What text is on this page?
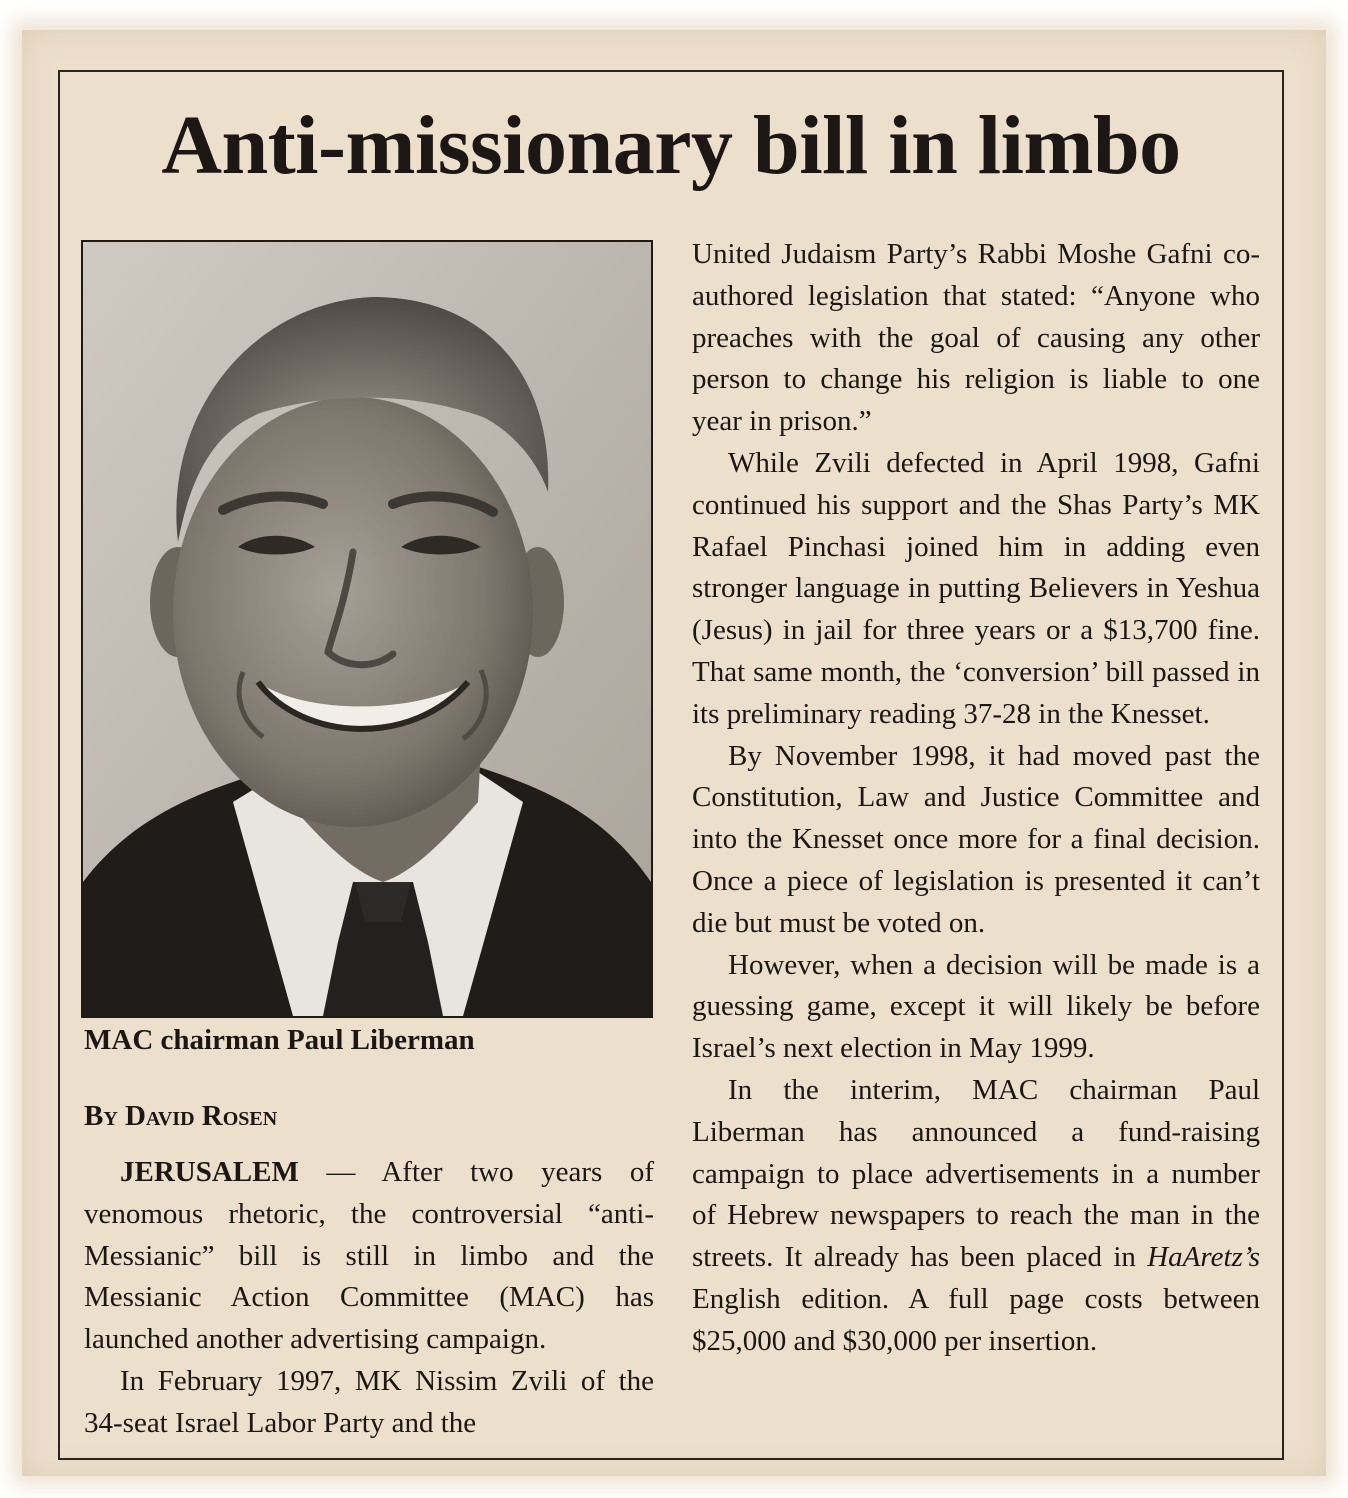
Anti-missionary bill in limbo

MAC chairman Paul Liberman

By David Rosen

JERUSALEM — After two years of venomous rhetoric, the controversial “anti-Messianic” bill is still in limbo and the Messianic Action Committee (MAC) has launched another advertising campaign.

In February 1997, MK Nissim Zvili of the 34-seat Israel Labor Party and the

United Judaism Party’s Rabbi Moshe Gafni co-authored legislation that stated: “Anyone who preaches with the goal of causing any other person to change his religion is liable to one year in prison.”

While Zvili defected in April 1998, Gafni continued his support and the Shas Party’s MK Rafael Pinchasi joined him in adding even stronger language in putting Believers in Yeshua (Jesus) in jail for three years or a $13,700 fine. That same month, the ‘conversion’ bill passed in its preliminary reading 37-28 in the Knesset.

By November 1998, it had moved past the Constitution, Law and Justice Committee and into the Knesset once more for a final decision. Once a piece of legislation is presented it can’t die but must be voted on.

However, when a decision will be made is a guessing game, except it will likely be before Israel’s next election in May 1999.

In the interim, MAC chairman Paul Liberman has announced a fund-raising campaign to place advertisements in a number of Hebrew newspapers to reach the man in the streets. It already has been placed in HaAretz’s English edition. A full page costs between $25,000 and $30,000 per insertion.
